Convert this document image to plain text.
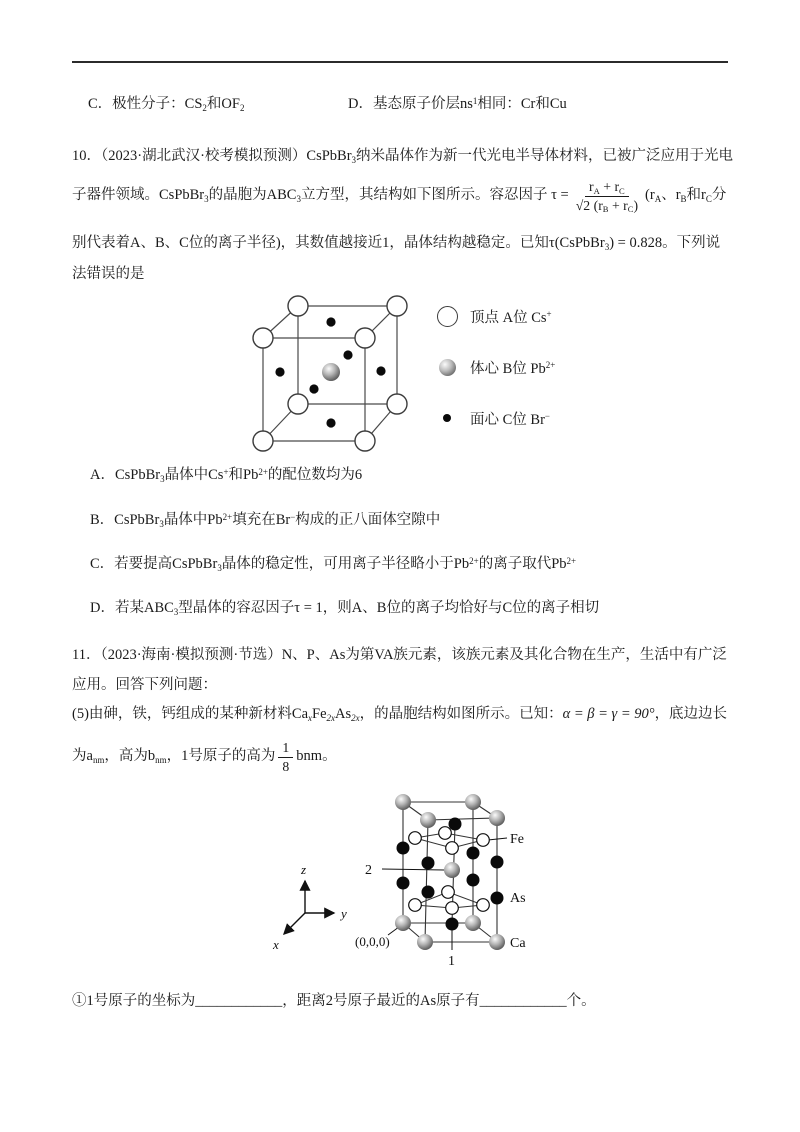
C．极性分子：$CS_2$和$OF_2$	D．基态原子价层$ns^1$相同：Cr和Cu
10．（2023·湖北武汉·校考模拟预测）CsPbBr$_3$纳米晶体作为新一代光电半导体材料，已被广泛应用于光电
子器件领域。CsPbBr 3 的晶胞为ABC 3 立方型，其结构如下图所示。容忍因子 $\tau = \frac{r_A + r_C}{√2 (r_B + r_C)} (r$ A 、r B 和r C 分
别代表着A、B、C位的离子半径)，其数值越接近1，晶体结构越稳定。已知τ(CsPbBr$_3$) = 0.828。下列说
法错误的是
顶点 A位 Cs+
体心 B位 $Pb^{2+}$
面心 C位 Br−
A．CsPbBr$_3$晶体中Cs+和$Pb^{2+}$的配位数均为6
B．CsPbBr$_3$晶体中$Pb^{2+}$填充在Br−构成的正八面体空隙中
C．若要提高CsPbBr$_3$晶体的稳定性，可用离子半径略小于$Pb^{2+}$的离子取代$Pb^{2+}$
D．若某$ABC_3$型晶体的容忍因子τ = 1，则A、B位的离子均恰好与C位的离子相切
11．（2023·海南·模拟预测·节选）N、P、As为第VA族元素，该族元素及其化合物在生产，生活中有广泛
应用。回答下列问题：
(5)由砷，铁，钙组成的某种新材料$Ca_xFe_{2x}As_{2x}$，的晶胞结构如图所示。已知：α = β = γ = 90°，底边边长
为a nm ，高为b nm ，1号原子的高为 $\frac{1}{8}$ bnm。
z
y
x
Fe
As
Ca
2
(0,0,0)
1
①1号原子的坐标为____________，距离2号原子最近的As原子有____________个。
